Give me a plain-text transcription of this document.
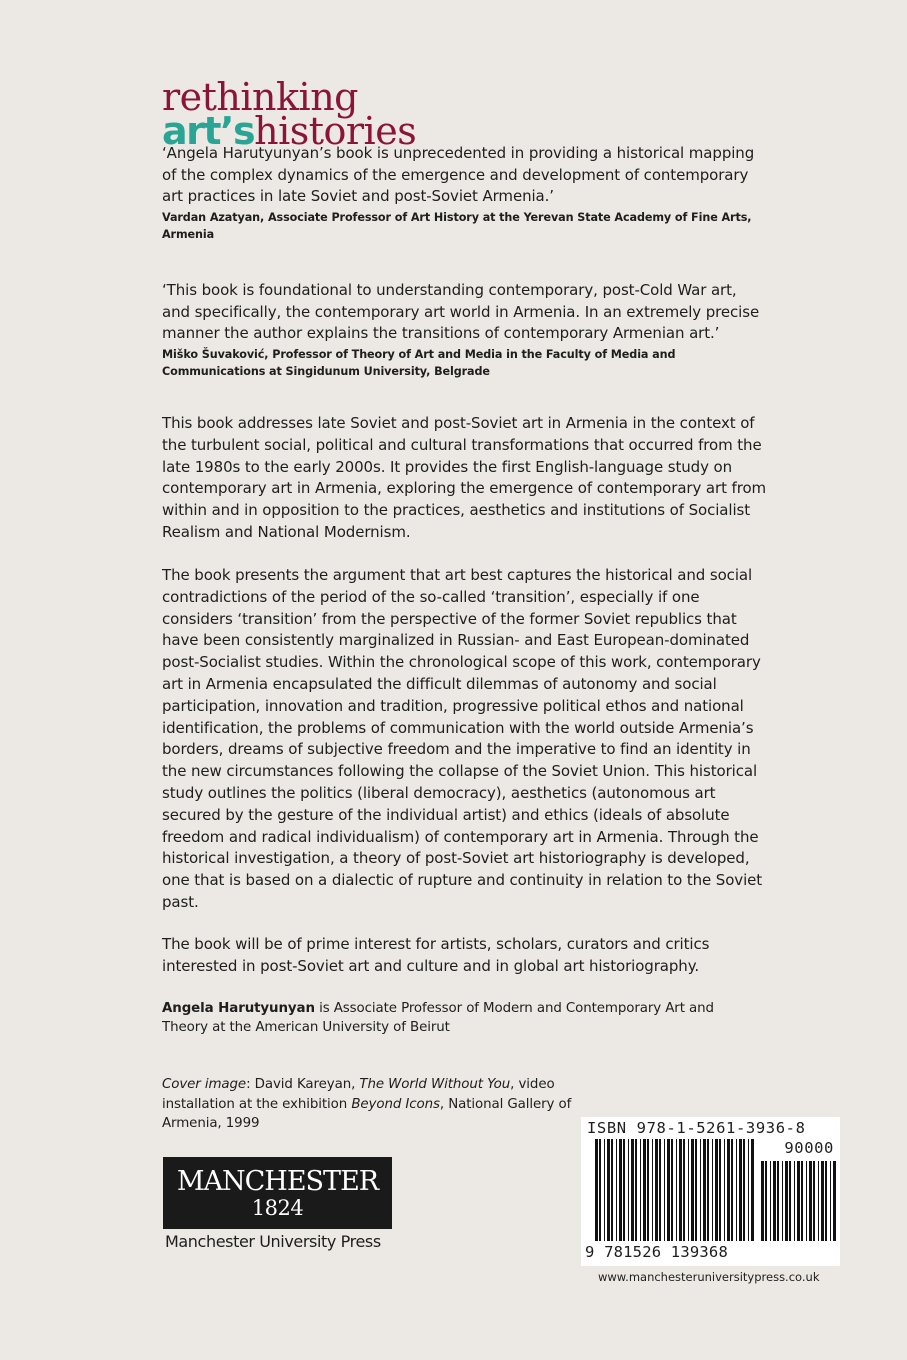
rethinking
art’shistories

‘Angela Harutyunyan’s book is unprecedented in providing a historical mapping of the complex dynamics of the emergence and development of contemporary art practices in late Soviet and post-Soviet Armenia.’

Vardan Azatyan, Associate Professor of Art History at the Yerevan State Academy of Fine Arts, Armenia

‘This book is foundational to understanding contemporary, post-Cold War art, and specifically, the contemporary art world in Armenia. In an extremely precise manner the author explains the transitions of contemporary Armenian art.’

Miško Šuvaković, Professor of Theory of Art and Media in the Faculty of Media and Communications at Singidunum University, Belgrade

This book addresses late Soviet and post-Soviet art in Armenia in the context of the turbulent social, political and cultural transformations that occurred from the late 1980s to the early 2000s. It provides the first English-language study on contemporary art in Armenia, exploring the emergence of contemporary art from within and in opposition to the practices, aesthetics and institutions of Socialist Realism and National Modernism.

The book presents the argument that art best captures the historical and social contradictions of the period of the so-called ‘transition’, especially if one considers ‘transition’ from the perspective of the former Soviet republics that have been consistently marginalized in Russian- and East European-dominated post-Socialist studies. Within the chronological scope of this work, contemporary art in Armenia encapsulated the difficult dilemmas of autonomy and social participation, innovation and tradition, progressive political ethos and national identification, the problems of communication with the world outside Armenia’s borders, dreams of subjective freedom and the imperative to find an identity in the new circumstances following the collapse of the Soviet Union. This historical study outlines the politics (liberal democracy), aesthetics (autonomous art secured by the gesture of the individual artist) and ethics (ideals of absolute freedom and radical individualism) of contemporary art in Armenia. Through the historical investigation, a theory of post-Soviet art historiography is developed, one that is based on a dialectic of rupture and continuity in relation to the Soviet past.

The book will be of prime interest for artists, scholars, curators and critics interested in post-Soviet art and culture and in global art historiography.

Angela Harutyunyan is Associate Professor of Modern and Contemporary Art and Theory at the American University of Beirut

Cover image: David Kareyan, The World Without You, video installation at the exhibition Beyond Icons, National Gallery of Armenia, 1999

MANCHESTER
1824

Manchester University Press

ISBN 978-1-5261-3936-8

90000

9 781526 139368

www.manchesteruniversitypress.co.uk
